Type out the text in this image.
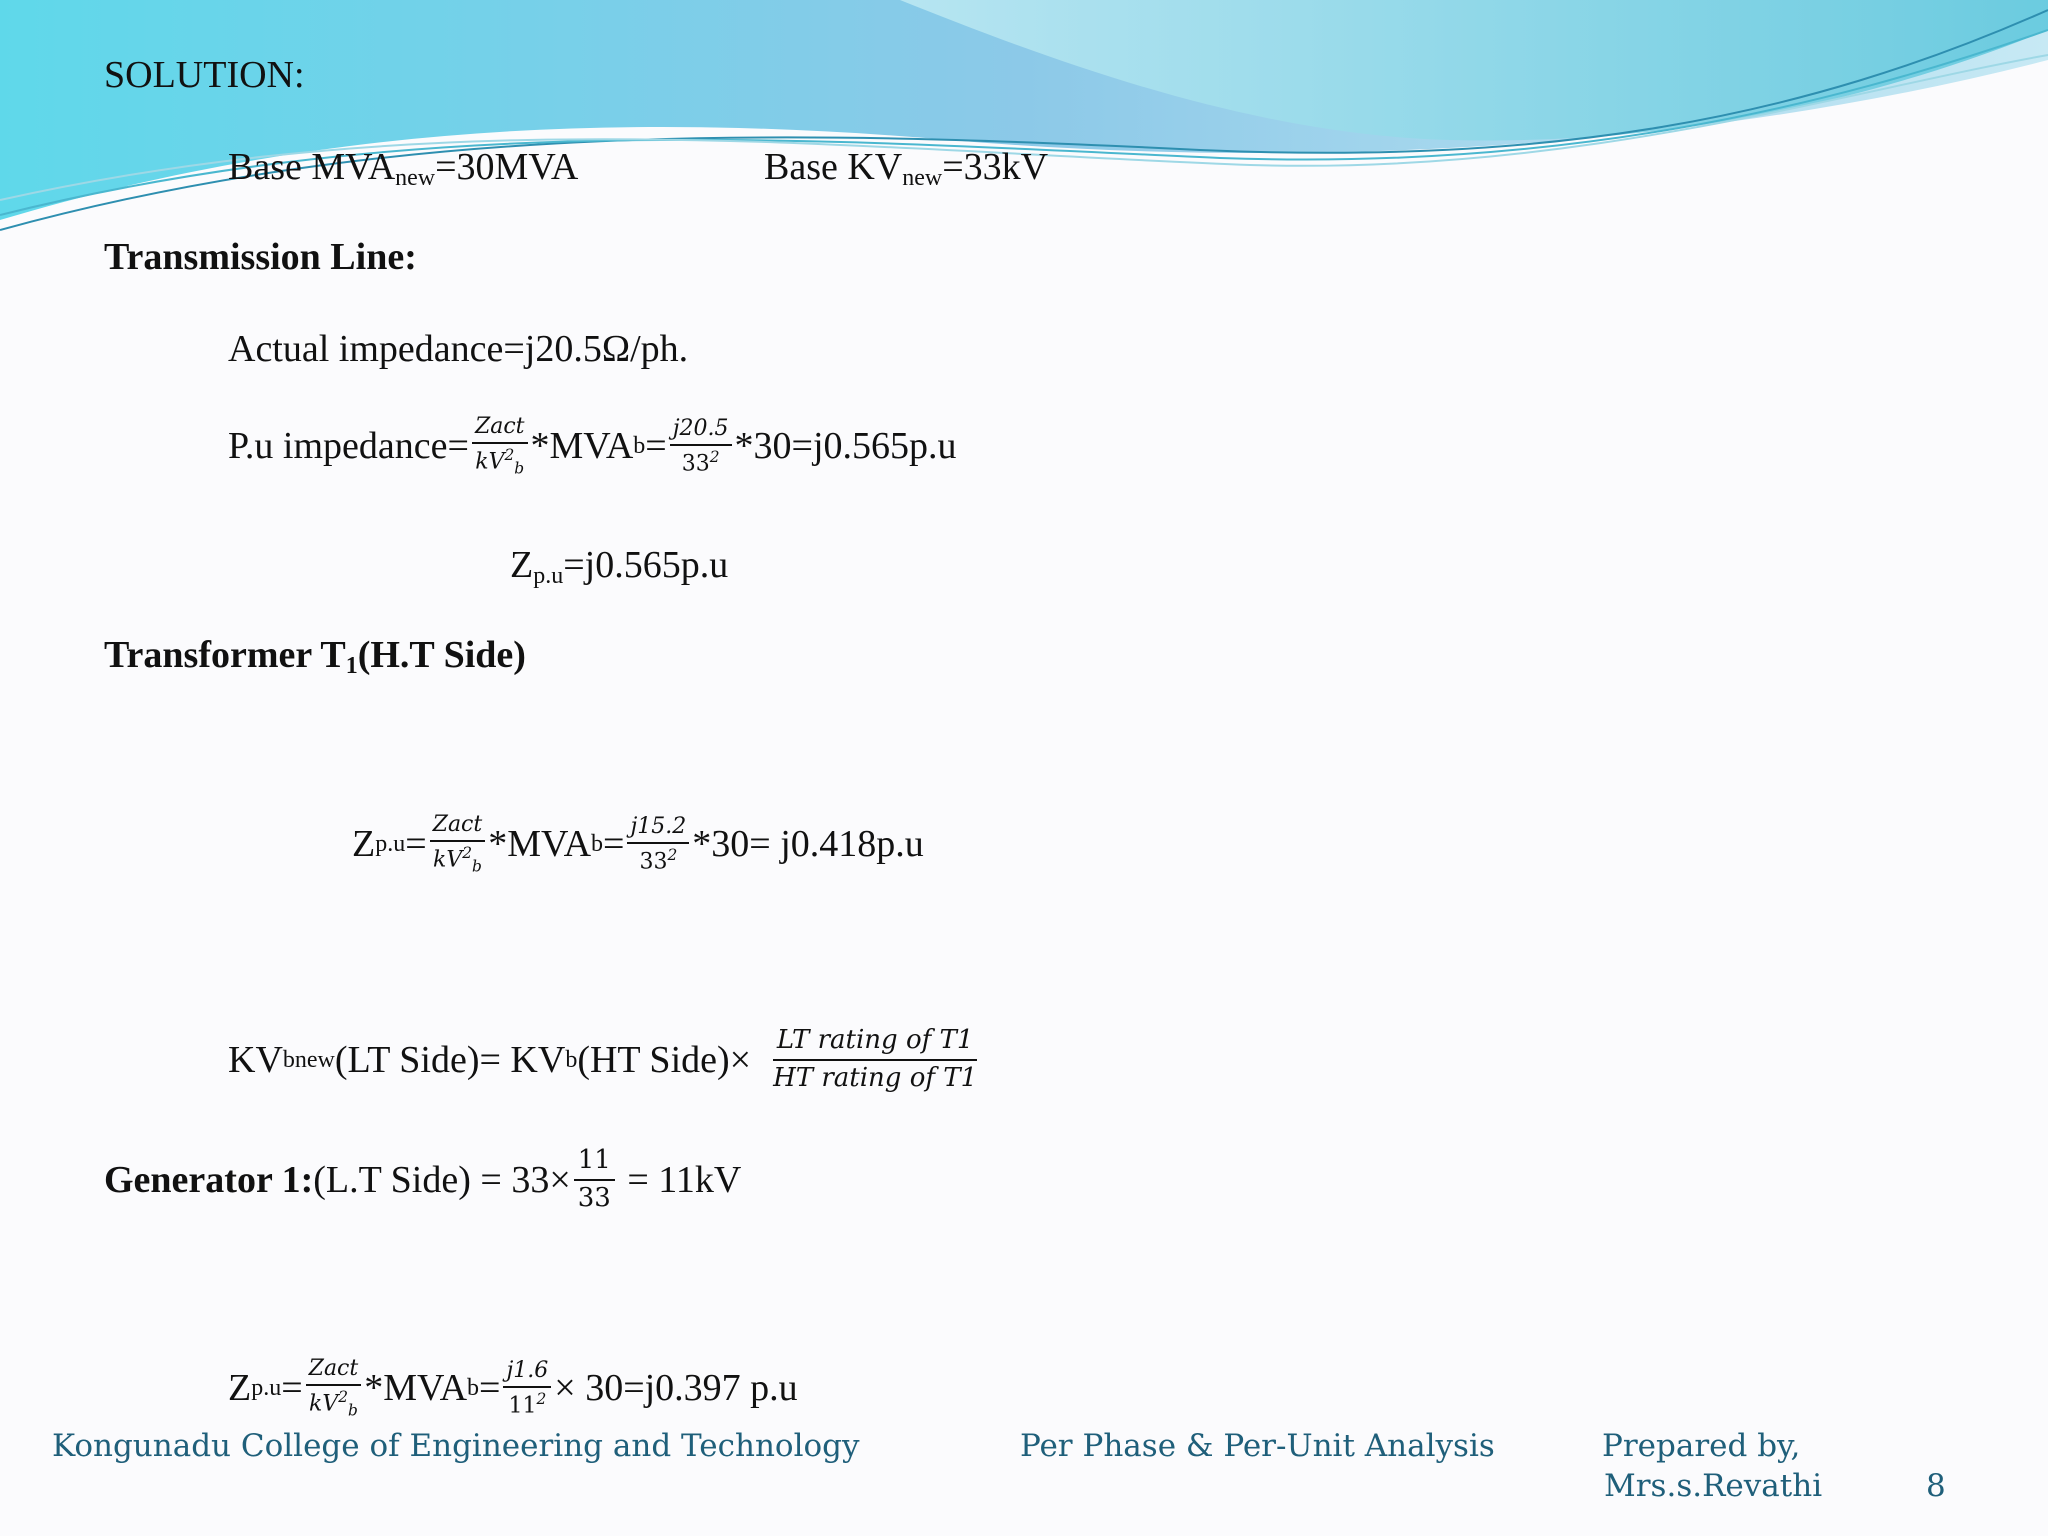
SOLUTION:
Base $MVA_{new}=30MVA$	Base $KV_{new}=33kV$
Transmission Line:
Actual impedance=j20.5Ω/ph.
P.u impedance= $\frac{\text{Zact}}{kV^2_b} *MVA$ $b = \frac{j20.5}{33^2} *30=j0.565p.u$
$Z_{p.u}=j0.565p.u$
Transformer $T_1(H.T$ Side)
Z $p.u = \frac{\text{Zact}}{kV^2_b} *MVA$ $b = \frac{j15.2}{33^2} *30= j0.418p.u$
KV bnew (LT Side)= KV b (HT Side)× $\frac{\text{LT rating of T1}}{\text{HT rating of T1}}$
Generator 1: (L.T Side) = $33\times \frac{11}{33} = 11kV$
Z $p.u = \frac{\text{Zact}}{kV^2_b} *MVA$ $b = \frac{j1.6}{11^2} \times 30=j0.397$ p.u
Kongunadu College of Engineering and Technology	Per Phase & Per-Unit Analysis	Prepared by,
Mrs.s.Revathi	8
